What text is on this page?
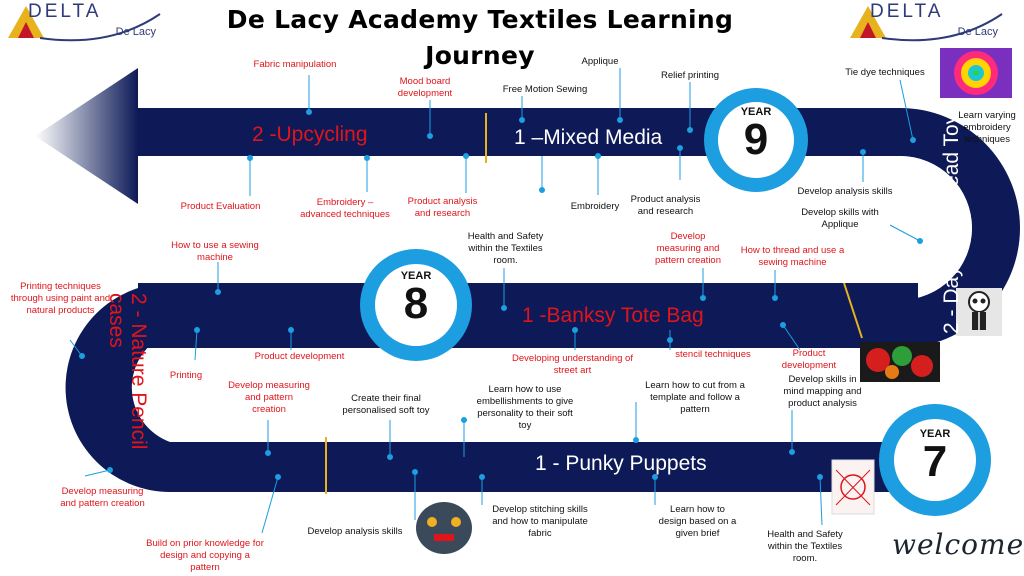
De Lacy Academy Textiles Learning Journey
DELTA
De Lacy
DELTA
De Lacy
YEAR
9
YEAR
8
YEAR
7
2 -Upcycling	1 –Mixed Media
1 -Banksy Tote Bag
1 - Punky Puppets
2 - Day of the Dead Toy
2 - Nature Pencil cases
Fabric manipulation
Mood board development	Free Motion Sewing
Applique
Relief printing	Tie dye techniques
Learn varying embroidery techniques
Product Evaluation	Embroidery – advanced techniques
Product analysis and research
Embroidery
Product analysis and research
Develop analysis skills
Develop skills with Applique
How to use a sewing machine
Health and Safety within the Textiles room.
Develop measuring and pattern creation
How to thread and use a sewing machine
Printing techniques through using paint and natural products
Printing
Product development	Developing understanding of street art
stencil techniques	Product development
Develop skills in mind mapping and product analysis
Develop measuring and pattern creation
Create their final personalised soft toy
Learn how to use embellishments to give personality to their soft toy
Learn how to cut from a template and follow a pattern
Develop measuring and pattern creation
Develop analysis skills
Develop stitching skills and how to manipulate fabric
Learn how to design based on a given brief	Health and Safety within the Textiles room.
Build on prior knowledge for design and copying a pattern
welcome
